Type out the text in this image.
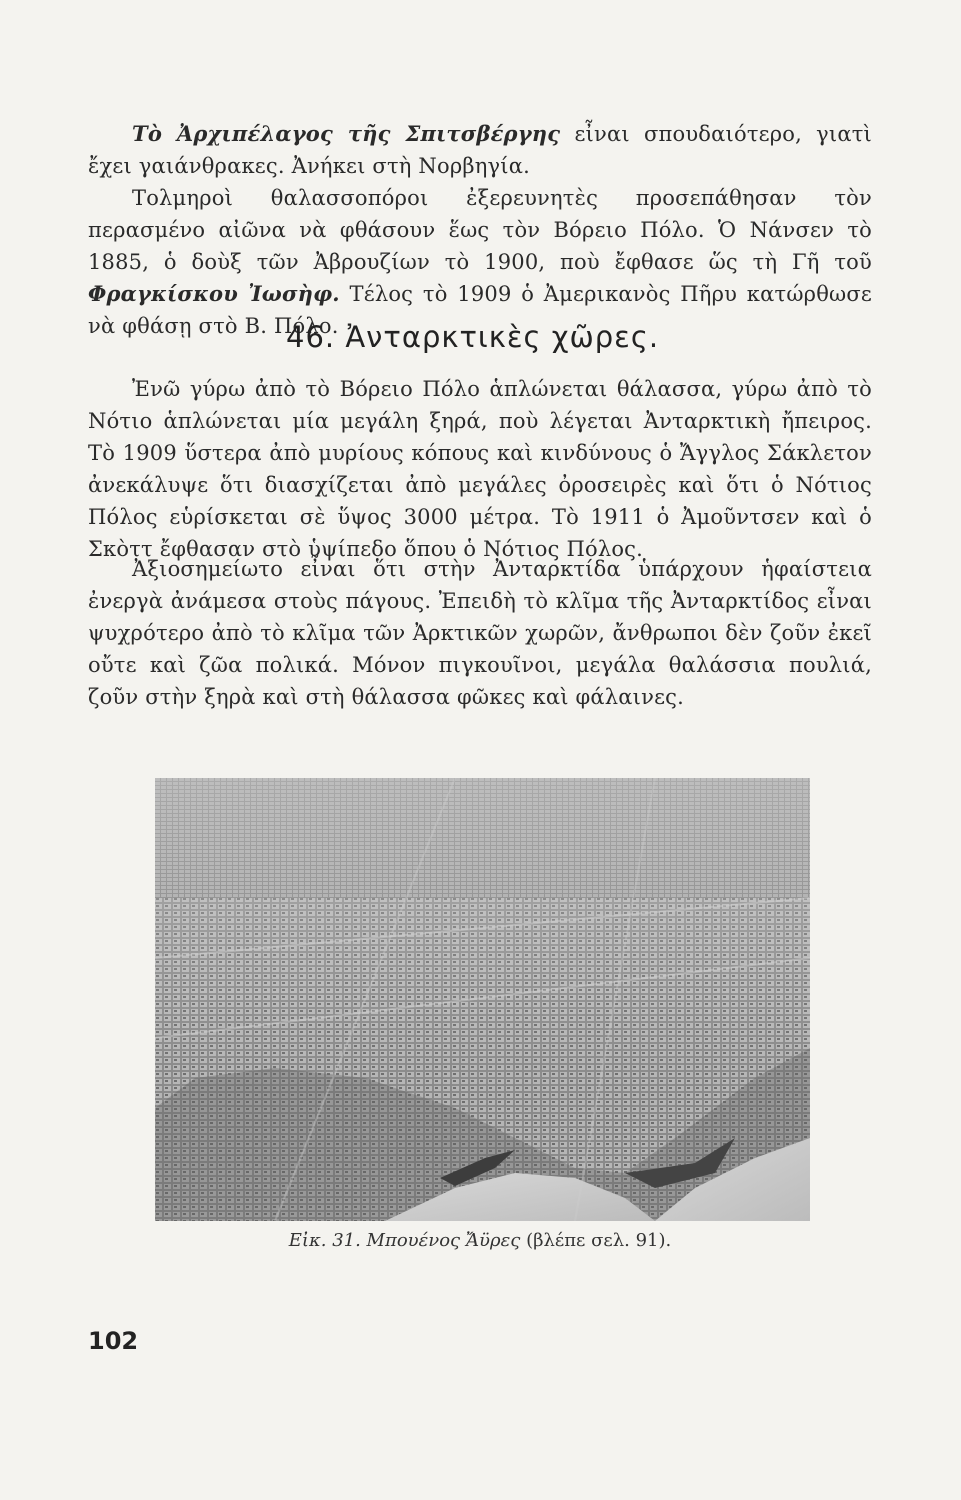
Τὸ Ἀρχιπέλαγος τῆς Σπιτσβέργης εἶναι σπουδαιότερο, γιατὶ ἔχει γαιάνθρακες. Ἀνήκει στὴ Νορβηγία.
Τολμηροὶ θαλασσοπόροι ἐξερευνητὲς προσεπάθησαν τὸν περασμένο αἰῶνα νὰ φθάσουν ἕως τὸν Βόρειο Πόλο. Ὁ Νάνσεν τὸ 1885, ὁ δοὺξ τῶν Ἀβρουζίων τὸ 1900, ποὺ ἔφθασε ὥς τὴ Γῆ τοῦ Φραγκίσκου Ἰωσὴφ. Τέλος τὸ 1909 ὁ Ἀμερικανὸς Πῆρυ κατώρθωσε νὰ φθάσῃ στὸ Β. Πόλο.

46. Ἀνταρκτικὲς χῶρες.

Ἐνῶ γύρω ἀπὸ τὸ Βόρειο Πόλο ἁπλώνεται θάλασσα, γύρω ἀπὸ τὸ Νότιο ἁπλώνεται μία μεγάλη ξηρά, ποὺ λέγεται Ἀνταρκτικὴ ἤπειρος. Τὸ 1909 ὕστερα ἀπὸ μυρίους κόπους καὶ κινδύνους ὁ Ἄγγλος Σάκλετον ἀνεκάλυψε ὅτι διασχίζεται ἀπὸ μεγάλες ὀροσειρὲς καὶ ὅτι ὁ Νότιος Πόλος εὑρίσκεται σὲ ὕψος 3000 μέτρα. Τὸ 1911 ὁ Ἀμοῦντσεν καὶ ὁ Σκὸττ ἔφθασαν στὸ ὑψίπεδο ὅπου ὁ Νότιος Πόλος.

Ἀξιοσημείωτο εἶναι ὅτι στὴν Ἀνταρκτίδα ὑπάρχουν ἡφαίστεια ἐνεργὰ ἀνάμεσα στοὺς πάγους. Ἐπειδὴ τὸ κλῖμα τῆς Ἀνταρκτίδος εἶναι ψυχρότερο ἀπὸ τὸ κλῖμα τῶν Ἀρκτικῶν χωρῶν, ἄνθρωποι δὲν ζοῦν ἐκεῖ οὔτε καὶ ζῶα πολικά. Μόνον πιγκουῖνοι, μεγάλα θαλάσσια πουλιά, ζοῦν στὴν ξηρὰ καὶ στὴ θάλασσα φῶκες καὶ φάλαινες.

Εἰκ. 31. Μπουένος Ἄϋρες (βλέπε σελ. 91).
102
